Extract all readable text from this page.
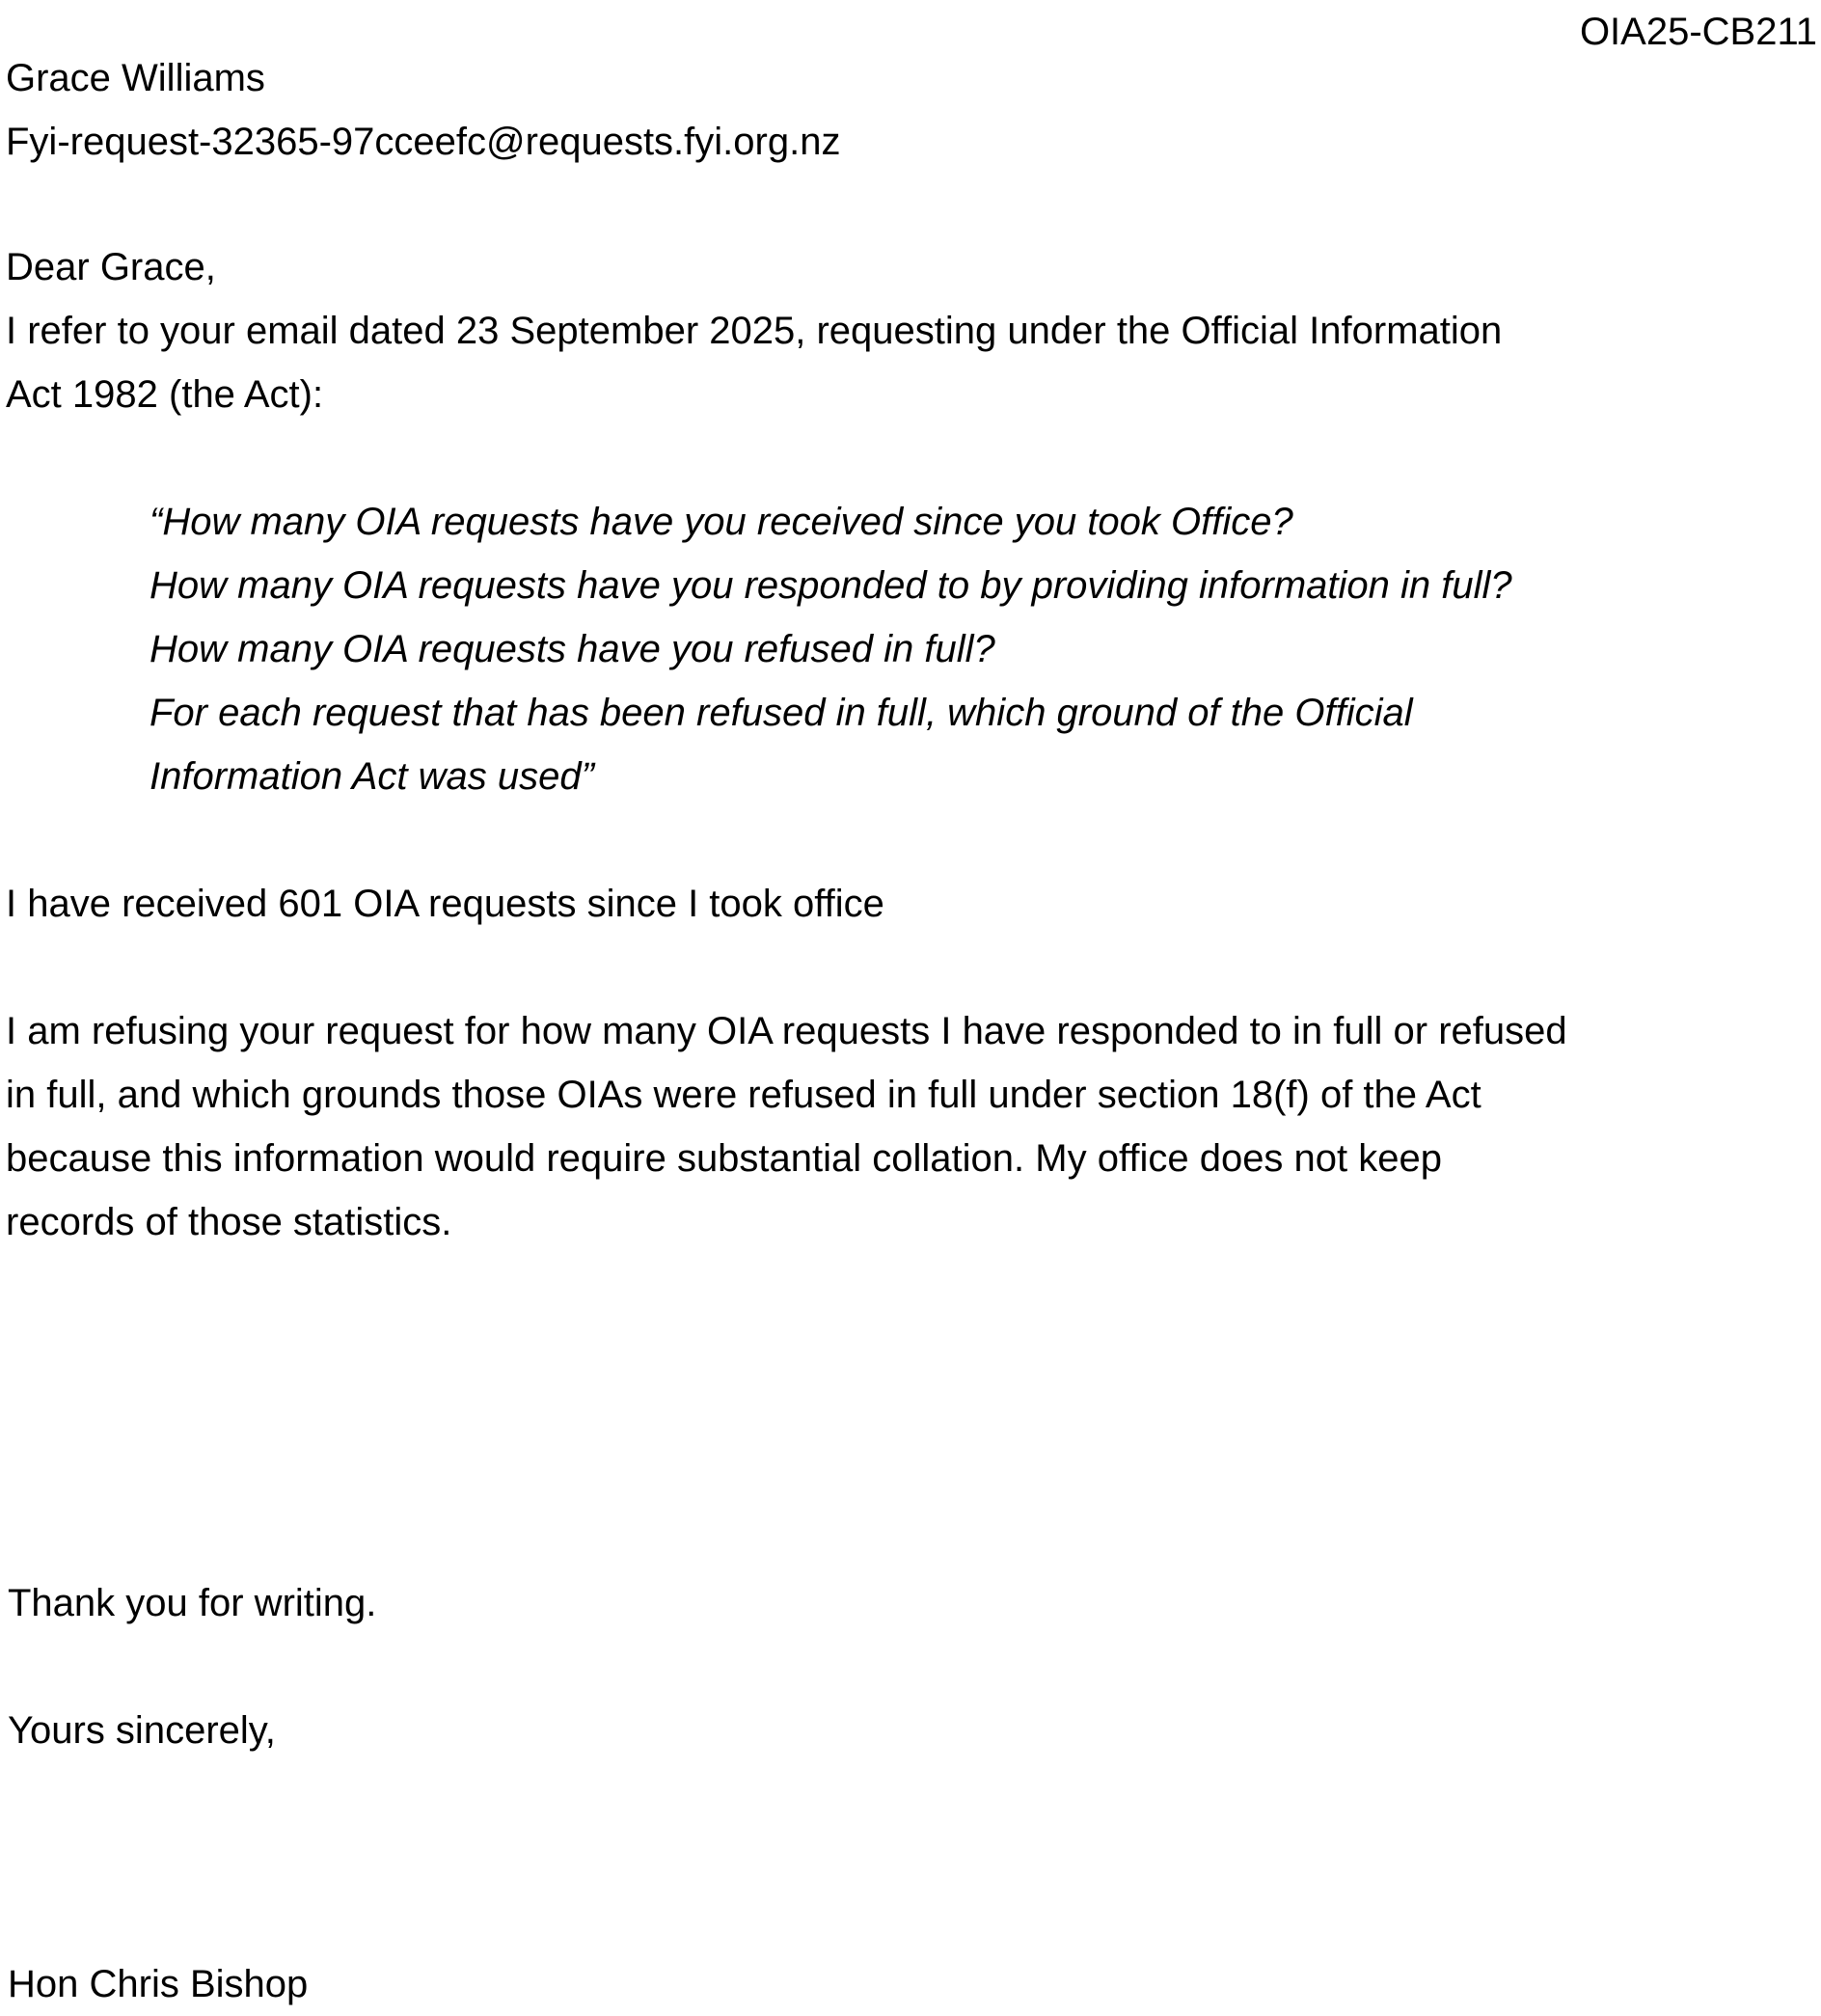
OIA25-CB211

Grace Williams

Fyi-request-32365-97cceefc@requests.fyi.org.nz

Dear Grace,

I refer to your email dated 23 September 2025, requesting under the Official Information

Act 1982 (the Act):

“How many OIA requests have you received since you took Office?

How many OIA requests have you responded to by providing information in full?

How many OIA requests have you refused in full?

For each request that has been refused in full, which ground of the Official

Information Act was used”

I have received 601 OIA requests since I took office

I am refusing your request for how many OIA requests I have responded to in full or refused

in full, and which grounds those OIAs were refused in full under section 18(f) of the Act

because this information would require substantial collation. My office does not keep

records of those statistics.

Thank you for writing.

Yours sincerely,

Hon Chris Bishop
